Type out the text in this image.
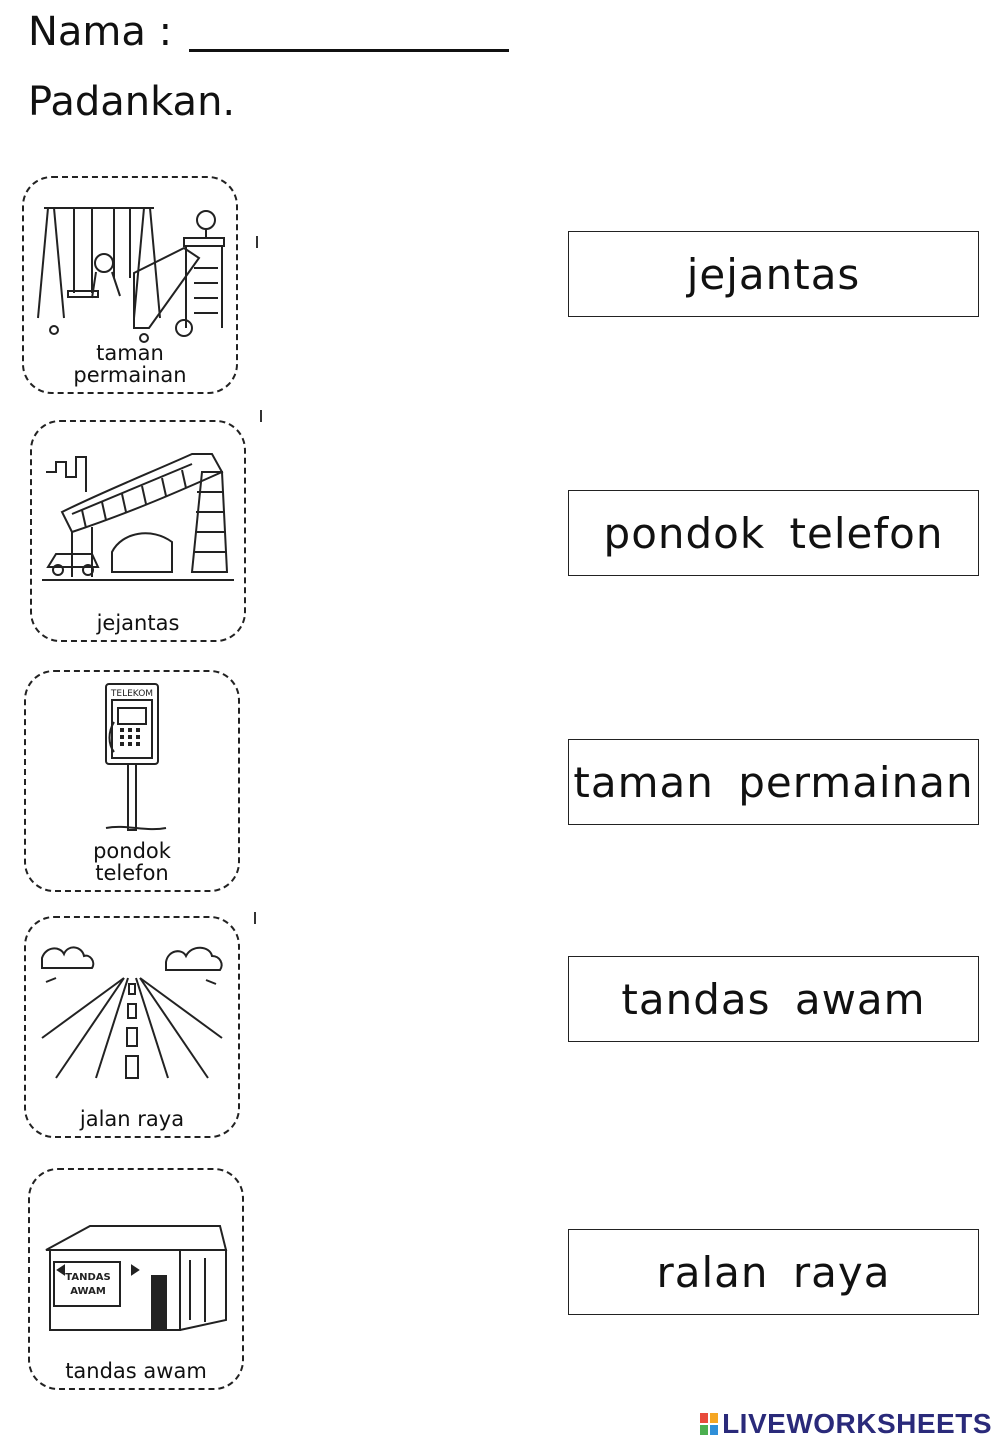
Nama :
Padankan.
taman
permainan
jejantas
TELEKOM
pondok
telefon
jalan raya
TANDAS
AWAM
tandas awam
jejantas
pondok telefon
taman permainan
tandas awam
ralan raya
LIVEWORKSHEETS
